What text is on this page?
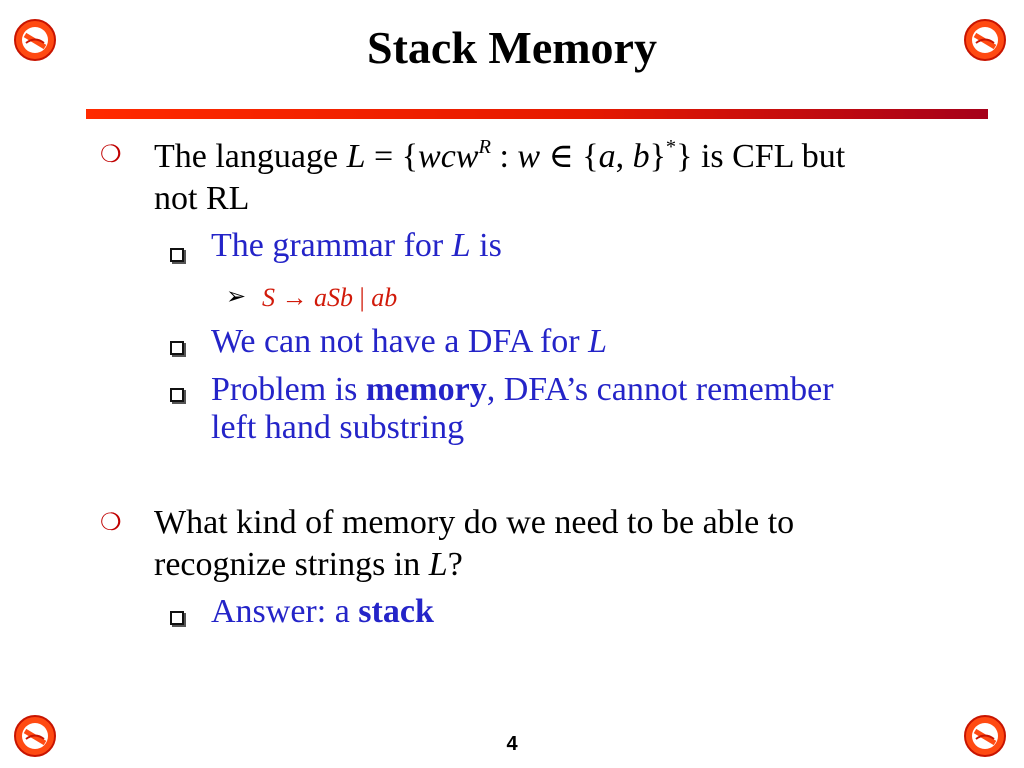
Stack Memory
❍ The language L = {wcw$^R$ : w ∈ {a, b}*} is CFL but
not RL
The grammar for L is
➢ S → aSb | ab
We can not have a DFA for L
Problem is memory, DFA’s cannot remember
left hand substring
❍ What kind of memory do we need to be able to
recognize strings in L?
Answer: a stack
4
